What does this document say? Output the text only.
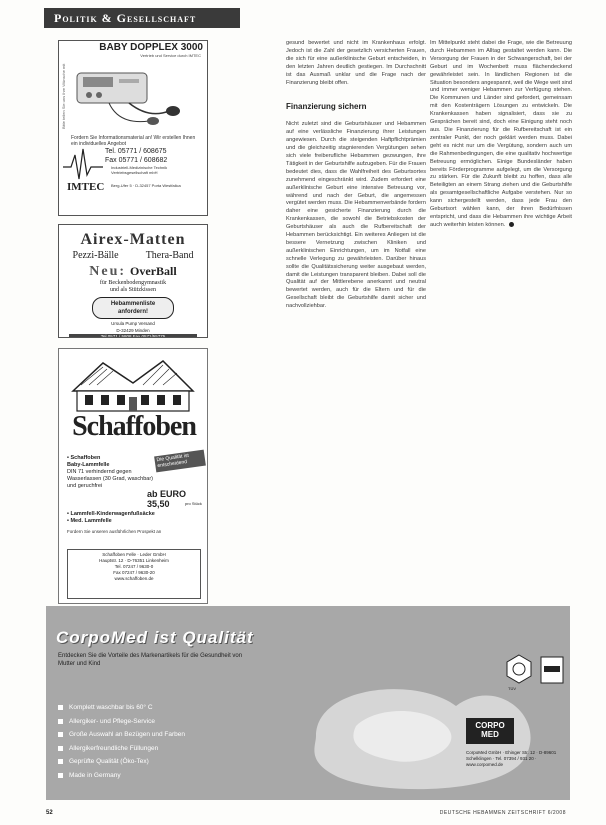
Politik & Gesellschaft
BABY DOPPLEX 3000
Vertrieb und Service durch IMTEC
Bitte teilen Sie uns Ihre Wünsche mit
Fordern Sie Informationsmaterial an! Wir erstellen Ihnen ein individuelles Angebot
Tel. 05771 / 608675
Fax 05771 / 608682
Industriell-Medizinische Technik Vertriebsgesellschaft mbH
IMTEC Berg-Ufer 5 · D-32457 Porta Westfalica
Airex-Matten
Pezzi-Bälle	Thera-Band
Neu: OverBall
für Beckenbodengymnastik
und als Stützkissen
Hebammenliste
anfordern!
Ursula Pump Versand
D-32429 Minden
Tel 0571 / 5808 Fax 0571/55775
Schaffoben
Die Qualität ist entscheidend
• Schaffoben
Baby-Lammfelle
DIN 71 verhindernd gegen
Wasserlassen (30 Grad, waschbar)
und geruchfrei
ab EURO 35,50	pro Stück
• Lammfell-Kinderwagenfußsäcke
• Med. Lammfelle
Fordern Sie unseren ausführlichen Prospekt an
Schaffoben Felle · Leder GmbH
Hauptstr. 12 · D-76351 Linkenheim
Tel. 07247 / 9630-0
Fax 07247 / 9630-20
www.schaffoben.de

gesund bewertet und nicht im Krankenhaus erfolgt. Jedoch ist die Zahl der gesetzlich versicherten Frauen, die sich für eine außerklinische Geburt entscheiden, in den letzten Jahren deutlich gestiegen. Im Durchschnitt ist das Ausmaß unklar und die Frage nach der Finanzierung bleibt offen.

Finanzierung sichern

Nicht zuletzt sind die Geburtshäuser und Hebammen auf eine verlässliche Finanzierung ihrer Leistungen angewiesen. Durch die steigenden Haftpflichtprämien und die gleichzeitig stagnierenden Vergütungen sehen sich viele freiberufliche Hebammen gezwungen, ihre Tätigkeit in der Geburtshilfe aufzugeben. Für die Frauen bedeutet dies, dass die Wahlfreiheit des Geburtsortes zunehmend eingeschränkt wird. Zudem erfordert eine außerklinische Geburt eine intensive Betreuung vor, während und nach der Geburt, die angemessen vergütet werden muss. Die Hebammenverbände fordern daher eine gesicherte Finanzierung durch die Krankenkassen, die sowohl die Betriebskosten der Geburtshäuser als auch die Rufbereitschaft der Hebammen berücksichtigt. Ein weiteres Anliegen ist die bessere Vernetzung zwischen Kliniken und außerklinischen Einrichtungen, um im Notfall eine schnelle Verlegung zu gewährleisten. Darüber hinaus sollte die Qualitätssicherung weiter ausgebaut werden, damit die Leistungen transparent bleiben. Dabei soll die Qualität auf der Mittlerebene anerkannt und neutral bewertet werden, auch für die Eltern und für die Gesellschaft bleibt die Geburtshilfe damit sicher und nachvollziehbar.

Im Mittelpunkt steht dabei die Frage, wie die Betreuung durch Hebammen im Alltag gestaltet werden kann. Die Versorgung der Frauen in der Schwangerschaft, bei der Geburt und im Wochenbett muss flächendeckend gewährleistet sein. In ländlichen Regionen ist die Situation besonders angespannt, weil die Wege weit sind und immer weniger Hebammen zur Verfügung stehen. Die Kommunen und Länder sind gefordert, gemeinsam mit den Kostenträgern Lösungen zu entwickeln. Die Krankenkassen haben signalisiert, dass sie zu Gesprächen bereit sind, doch eine Einigung steht noch aus. Die Finanzierung für die Rufbereitschaft ist ein zentraler Punkt, der noch geklärt werden muss. Dabei geht es nicht nur um die Vergütung, sondern auch um die Rahmenbedingungen, die eine qualitativ hochwertige Betreuung ermöglichen. Einige Bundesländer haben bereits Förderprogramme aufgelegt, um die Versorgung zu stärken. Für die Zukunft bleibt zu hoffen, dass alle Beteiligten an einem Strang ziehen und die Geburtshilfe als gesamtgesellschaftliche Aufgabe verstehen. Nur so kann sichergestellt werden, dass jede Frau den Geburtsort wählen kann, der ihren Bedürfnissen entspricht, und dass die Hebammen ihre wichtige Arbeit auch weiterhin leisten können.

CorpoMed ist Qualität
Entdecken Sie die Vorteile des Markenartikels für die Gesundheit von Mutter und Kind
Komplett waschbar bis 60° C
Allergiker- und Pflege-Service
Große Auswahl an Bezügen und Farben
Allergikerfreundliche Füllungen
Geprüfte Qualität (Öko-Tex)
Made in Germany
TÜV
CORPO
MED
CorpoMed GmbH · Ehinger Str. 12 · D-89601 Schelklingen · Tel. 07394 / 931 20 · www.corpomed.de
52	DEUTSCHE HEBAMMEN ZEITSCHRIFT 6/2008
